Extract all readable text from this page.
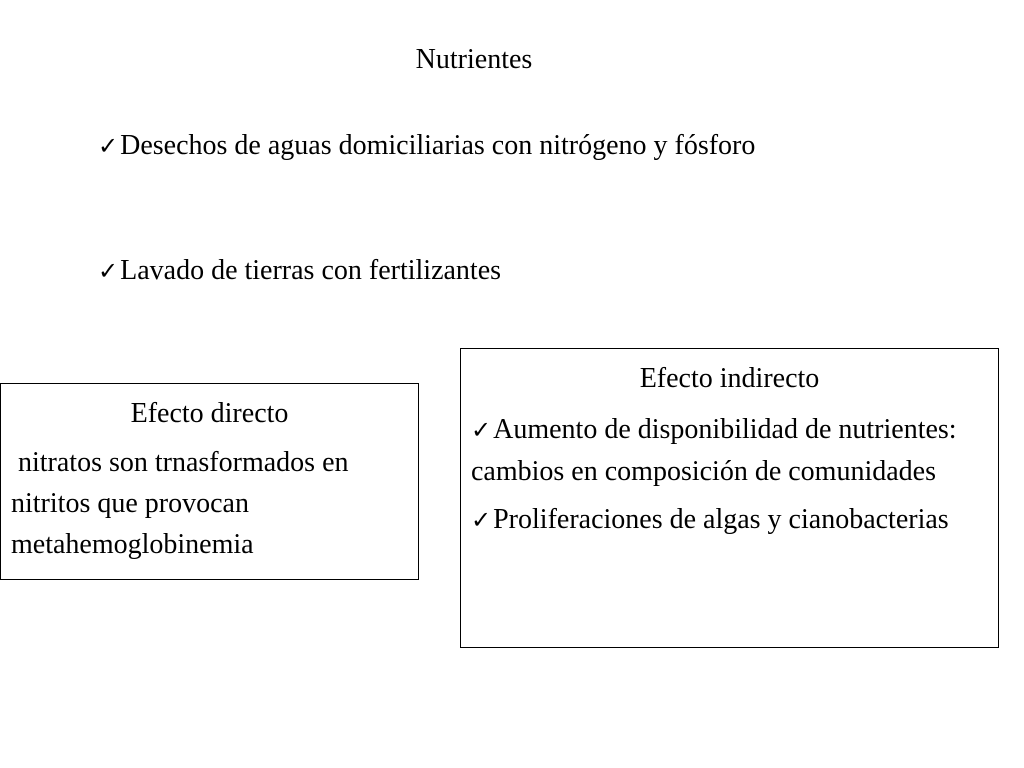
Nutrientes
✓Desechos de aguas domiciliarias con nitrógeno y fósforo
✓Lavado de tierras con fertilizantes
Efecto directo
nitratos son trnasformados en nitritos que provocan metahemoglobinemia
Efecto indirecto
✓Aumento de disponibilidad de nutrientes: cambios en composición de comunidades
✓Proliferaciones de algas y cianobacterias
